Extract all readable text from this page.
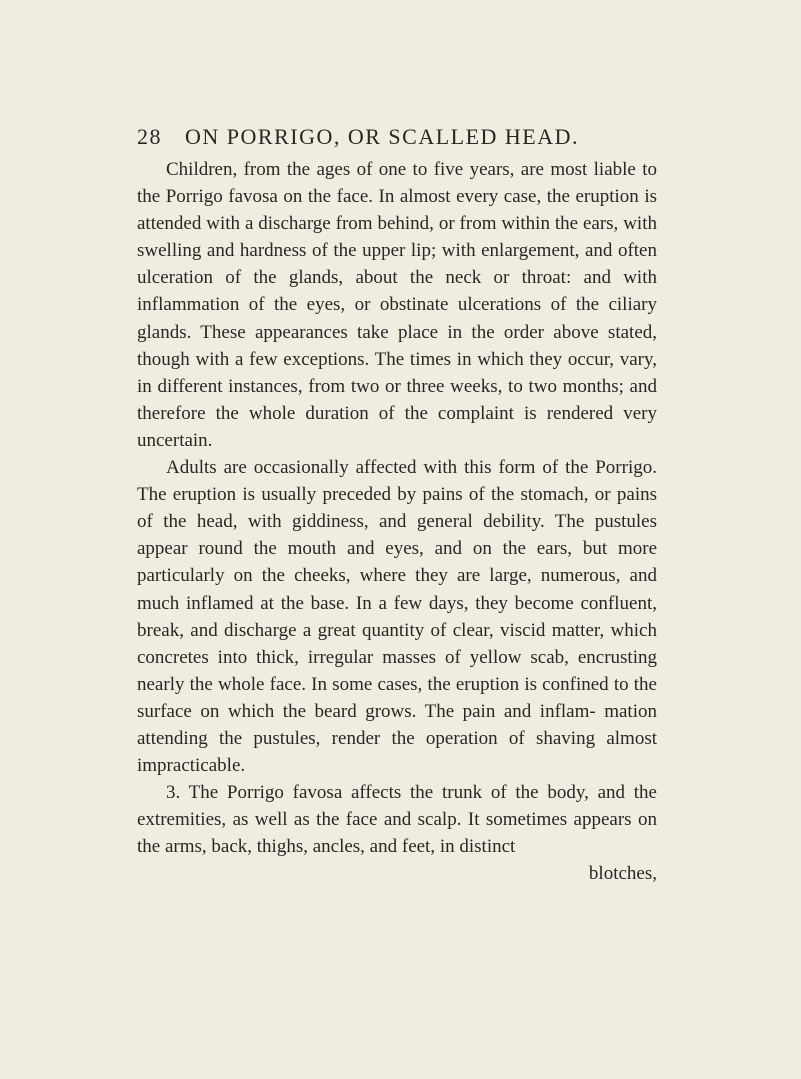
28 ON PORRIGO, OR SCALLED HEAD.

Children, from the ages of one to five years, are most liable to the Porrigo favosa on the face. In almost every case, the eruption is attended with a discharge from behind, or from within the ears, with swelling and hardness of the upper lip; with enlargement, and often ulceration of the glands, about the neck or throat: and with inflammation of the eyes, or obstinate ulcerations of the ciliary glands. These appearances take place in the order above stated, though with a few exceptions. The times in which they occur, vary, in different instances, from two or three weeks, to two months; and therefore the whole duration of the complaint is rendered very uncertain.

Adults are occasionally affected with this form of the Porrigo. The eruption is usually preceded by pains of the stomach, or pains of the head, with giddiness, and general debility. The pustules appear round the mouth and eyes, and on the ears, but more particularly on the cheeks, where they are large, numerous, and much inflamed at the base. In a few days, they become confluent, break, and discharge a great quantity of clear, viscid matter, which concretes into thick, irregular masses of yellow scab, encrusting nearly the whole face. In some cases, the eruption is confined to the surface on which the beard grows. The pain and inflam- mation attending the pustules, render the operation of shaving almost impracticable.

3. The Porrigo favosa affects the trunk of the body, and the extremities, as well as the face and scalp. It sometimes appears on the arms, back, thighs, ancles, and feet, in distinct

blotches,
